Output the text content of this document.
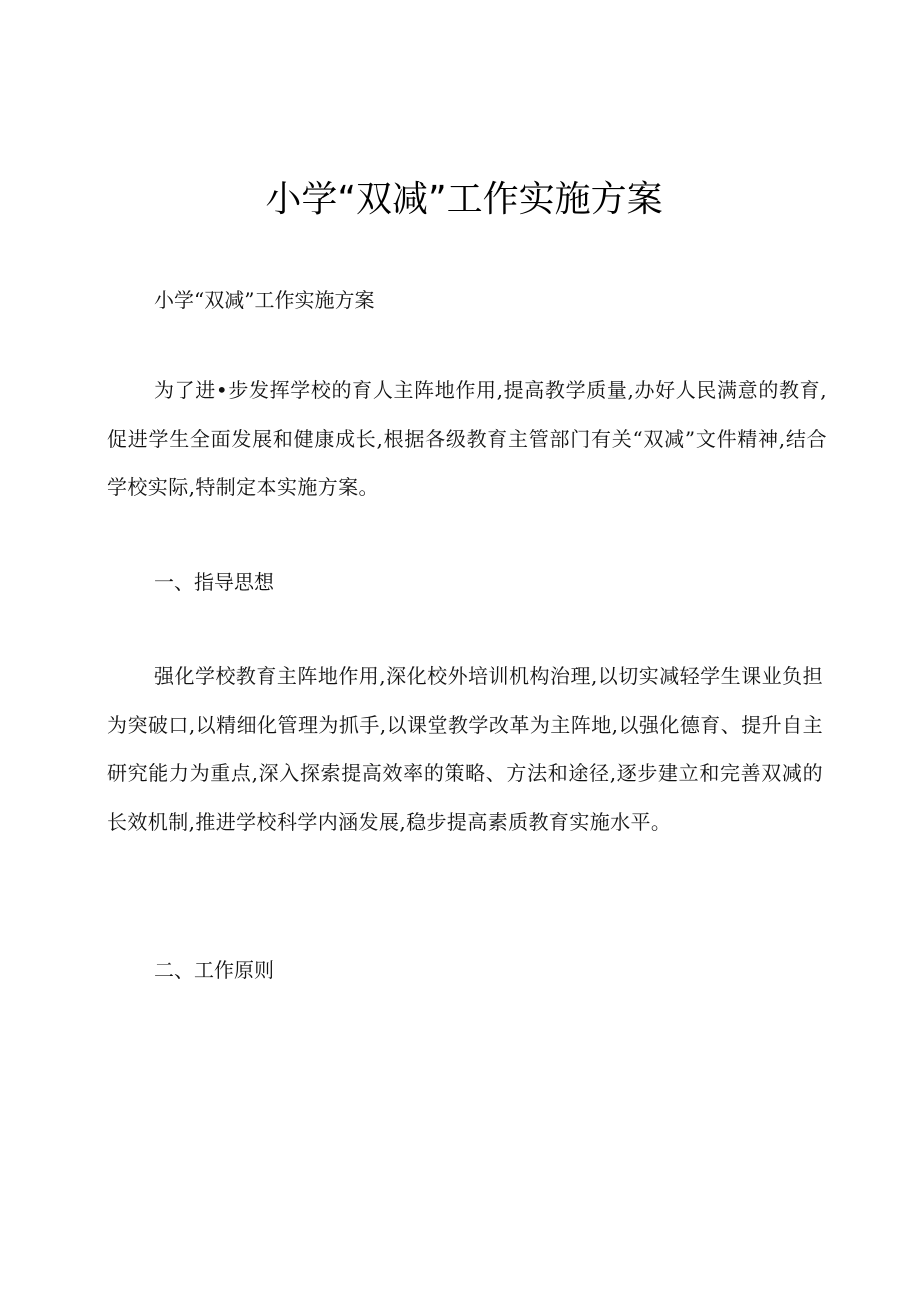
小学“双减”工作实施方案
小学“双减”工作实施方案

为了进•步发挥学校的育人主阵地作用,提高教学质量,办好人民满意的教育,促进学生全面发展和健康成长,根据各级教育主管部门有关“双减”文件精神,结合学校实际,特制定本实施方案。

一、指导思想

强化学校教育主阵地作用,深化校外培训机构治理,以切实减轻学生课业负担为突破口,以精细化管理为抓手,以课堂教学改革为主阵地,以强化德育、提升自主研究能力为重点,深入探索提高效率的策略、方法和途径,逐步建立和完善双减的长效机制,推进学校科学内涵发展,稳步提高素质教育实施水平。

二、工作原则
